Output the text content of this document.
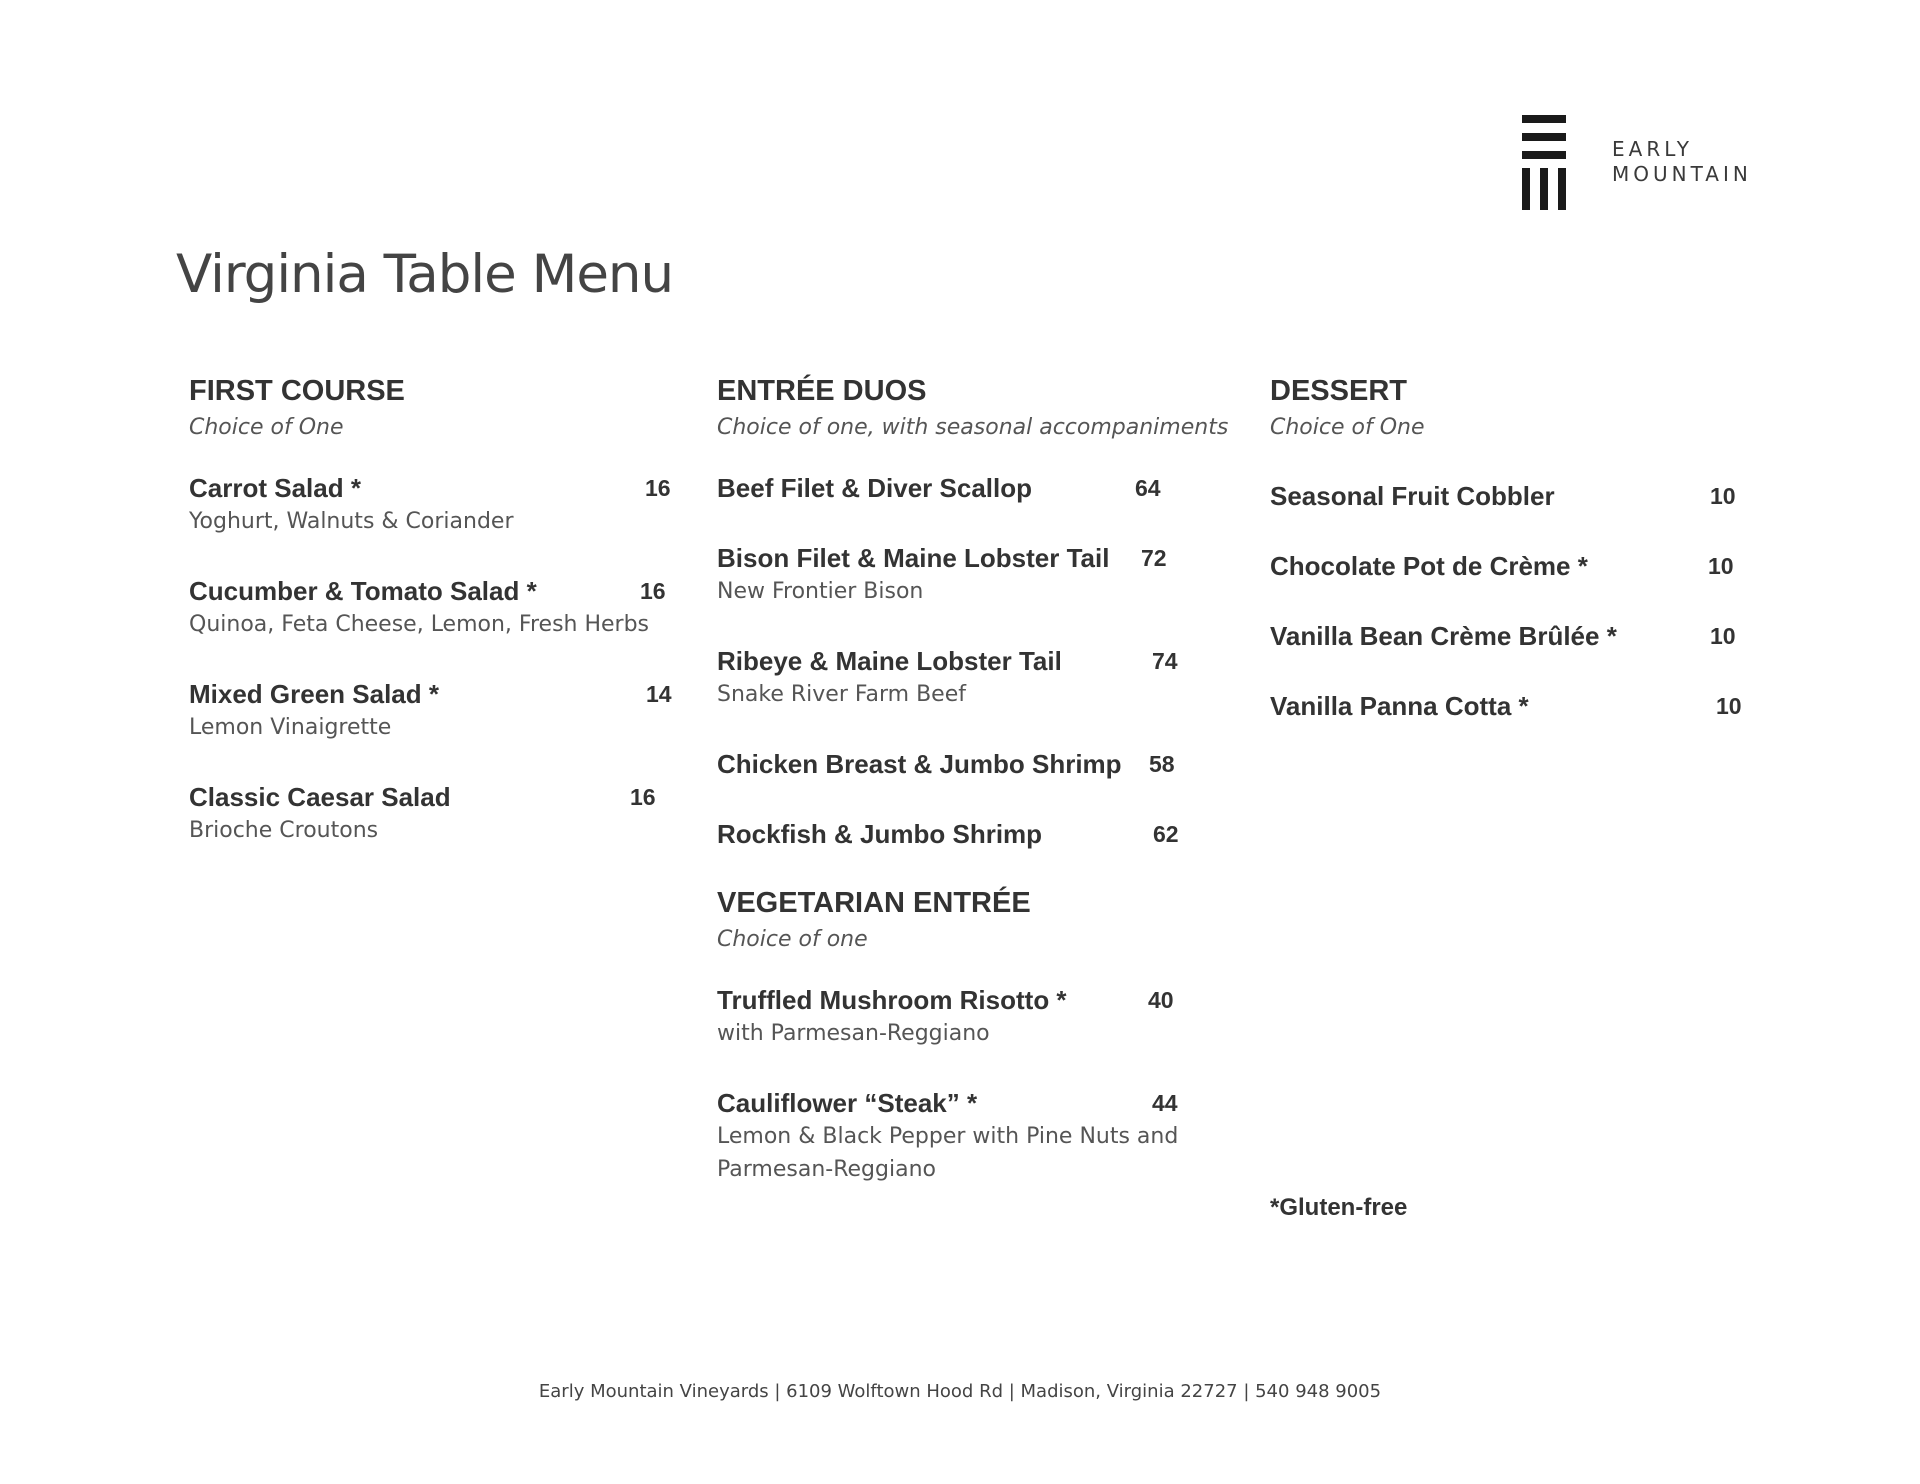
EARLY
MOUNTAIN
Virginia Table Menu
FIRST COURSE
Choice of One
Carrot Salad *	16
Yoghurt, Walnuts & Coriander
Cucumber & Tomato Salad *	16
Quinoa, Feta Cheese, Lemon, Fresh Herbs
Mixed Green Salad *	14
Lemon Vinaigrette
Classic Caesar Salad	16
Brioche Croutons
ENTRÉE DUOS
Choice of one, with seasonal accompaniments
Beef Filet & Diver Scallop	64
Bison Filet & Maine Lobster Tail 72
New Frontier Bison
Ribeye & Maine Lobster Tail	74
Snake River Farm Beef
Chicken Breast & Jumbo Shrimp 58
Rockfish & Jumbo Shrimp	62
VEGETARIAN ENTRÉE
Choice of one
Truffled Mushroom Risotto *	40
with Parmesan-Reggiano
Cauliflower “Steak” *	44
Lemon & Black Pepper with Pine Nuts and
Parmesan-Reggiano
DESSERT
Choice of One
Seasonal Fruit Cobbler	10
Chocolate Pot de Crème *	10
Vanilla Bean Crème Brûlée *	10
Vanilla Panna Cotta *	10
*Gluten-free
Early Mountain Vineyards | 6109 Wolftown Hood Rd | Madison, Virginia 22727 | 540 948 9005
